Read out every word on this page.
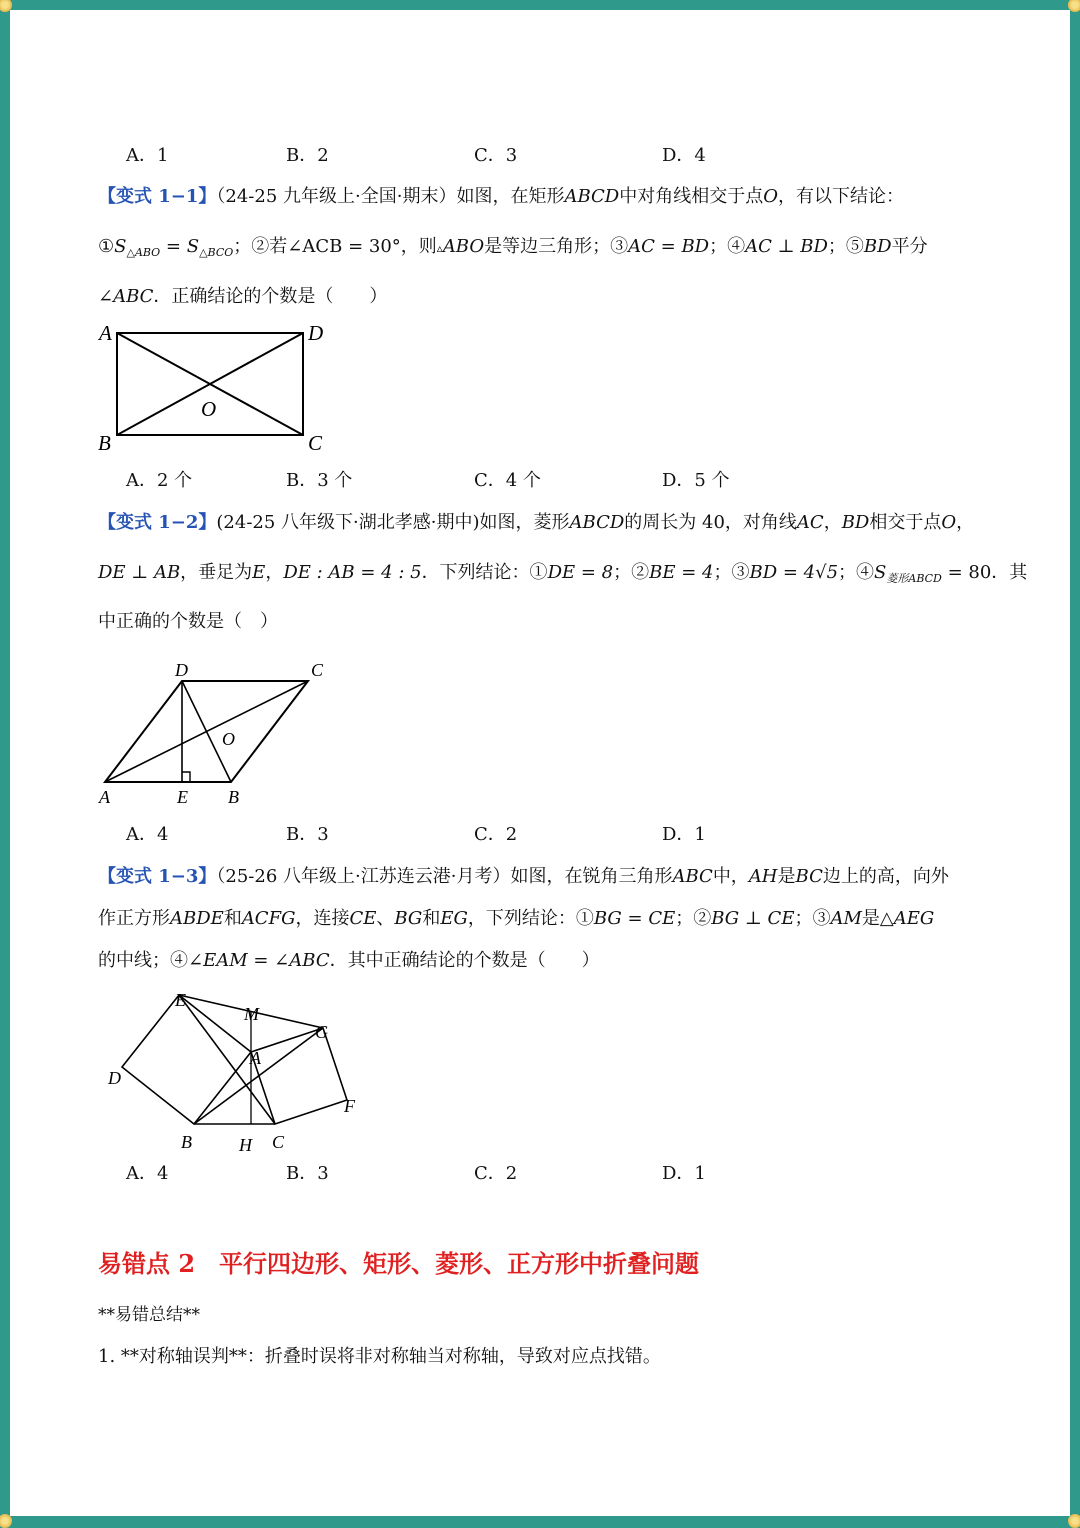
A．1	B．2	C．3	D．4
【变式 1−1】（24-25 九年级上·全国·期末）如图，在矩形ABCD中对角线相交于点O，有以下结论：
$①S_{\triangle ABO} = S_{\triangle BCO}$；②若∠ACB = 30°，则▵ABO是等边三角形；③AC = BD；④AC ⊥ BD；⑤BD平分
∠ABC．正确结论的个数是（　　）
A	D
B	C
O
A．2 个	B．3 个	C．4 个	D．5 个
【变式 1−2】(24-25 八年级下·湖北孝感·期中)如图，菱形ABCD的周长为 40，对角线AC，BD相交于点O，
DE ⊥ AB，垂足为E，DE : AB = 4 : 5．下列结论：①DE = 8；②BE = 4；③BD = 4√5；$④S_{菱形ABCD} = 80$．其
中正确的个数是（　）
D	C
O
A	E B
A．4	B．3	C．2	D．1
【变式 1−3】（25-26 八年级上·江苏连云港·月考）如图，在锐角三角形ABC中，AH是BC边上的高，向外
作正方形ABDE和ACFG，连接CE、BG和EG，下列结论：①BG = CE；②BG ⊥ CE；③AM是△AEG
的中线；④∠EAM = ∠ABC．其中正确结论的个数是（　　）
E
M
G
A
D
F
B	H C
A．4	B．3	C．2	D．1
易错点 2　平行四边形、矩形、菱形、正方形中折叠问题
**易错总结**
1. **对称轴误判**：折叠时误将非对称轴当对称轴，导致对应点找错。
